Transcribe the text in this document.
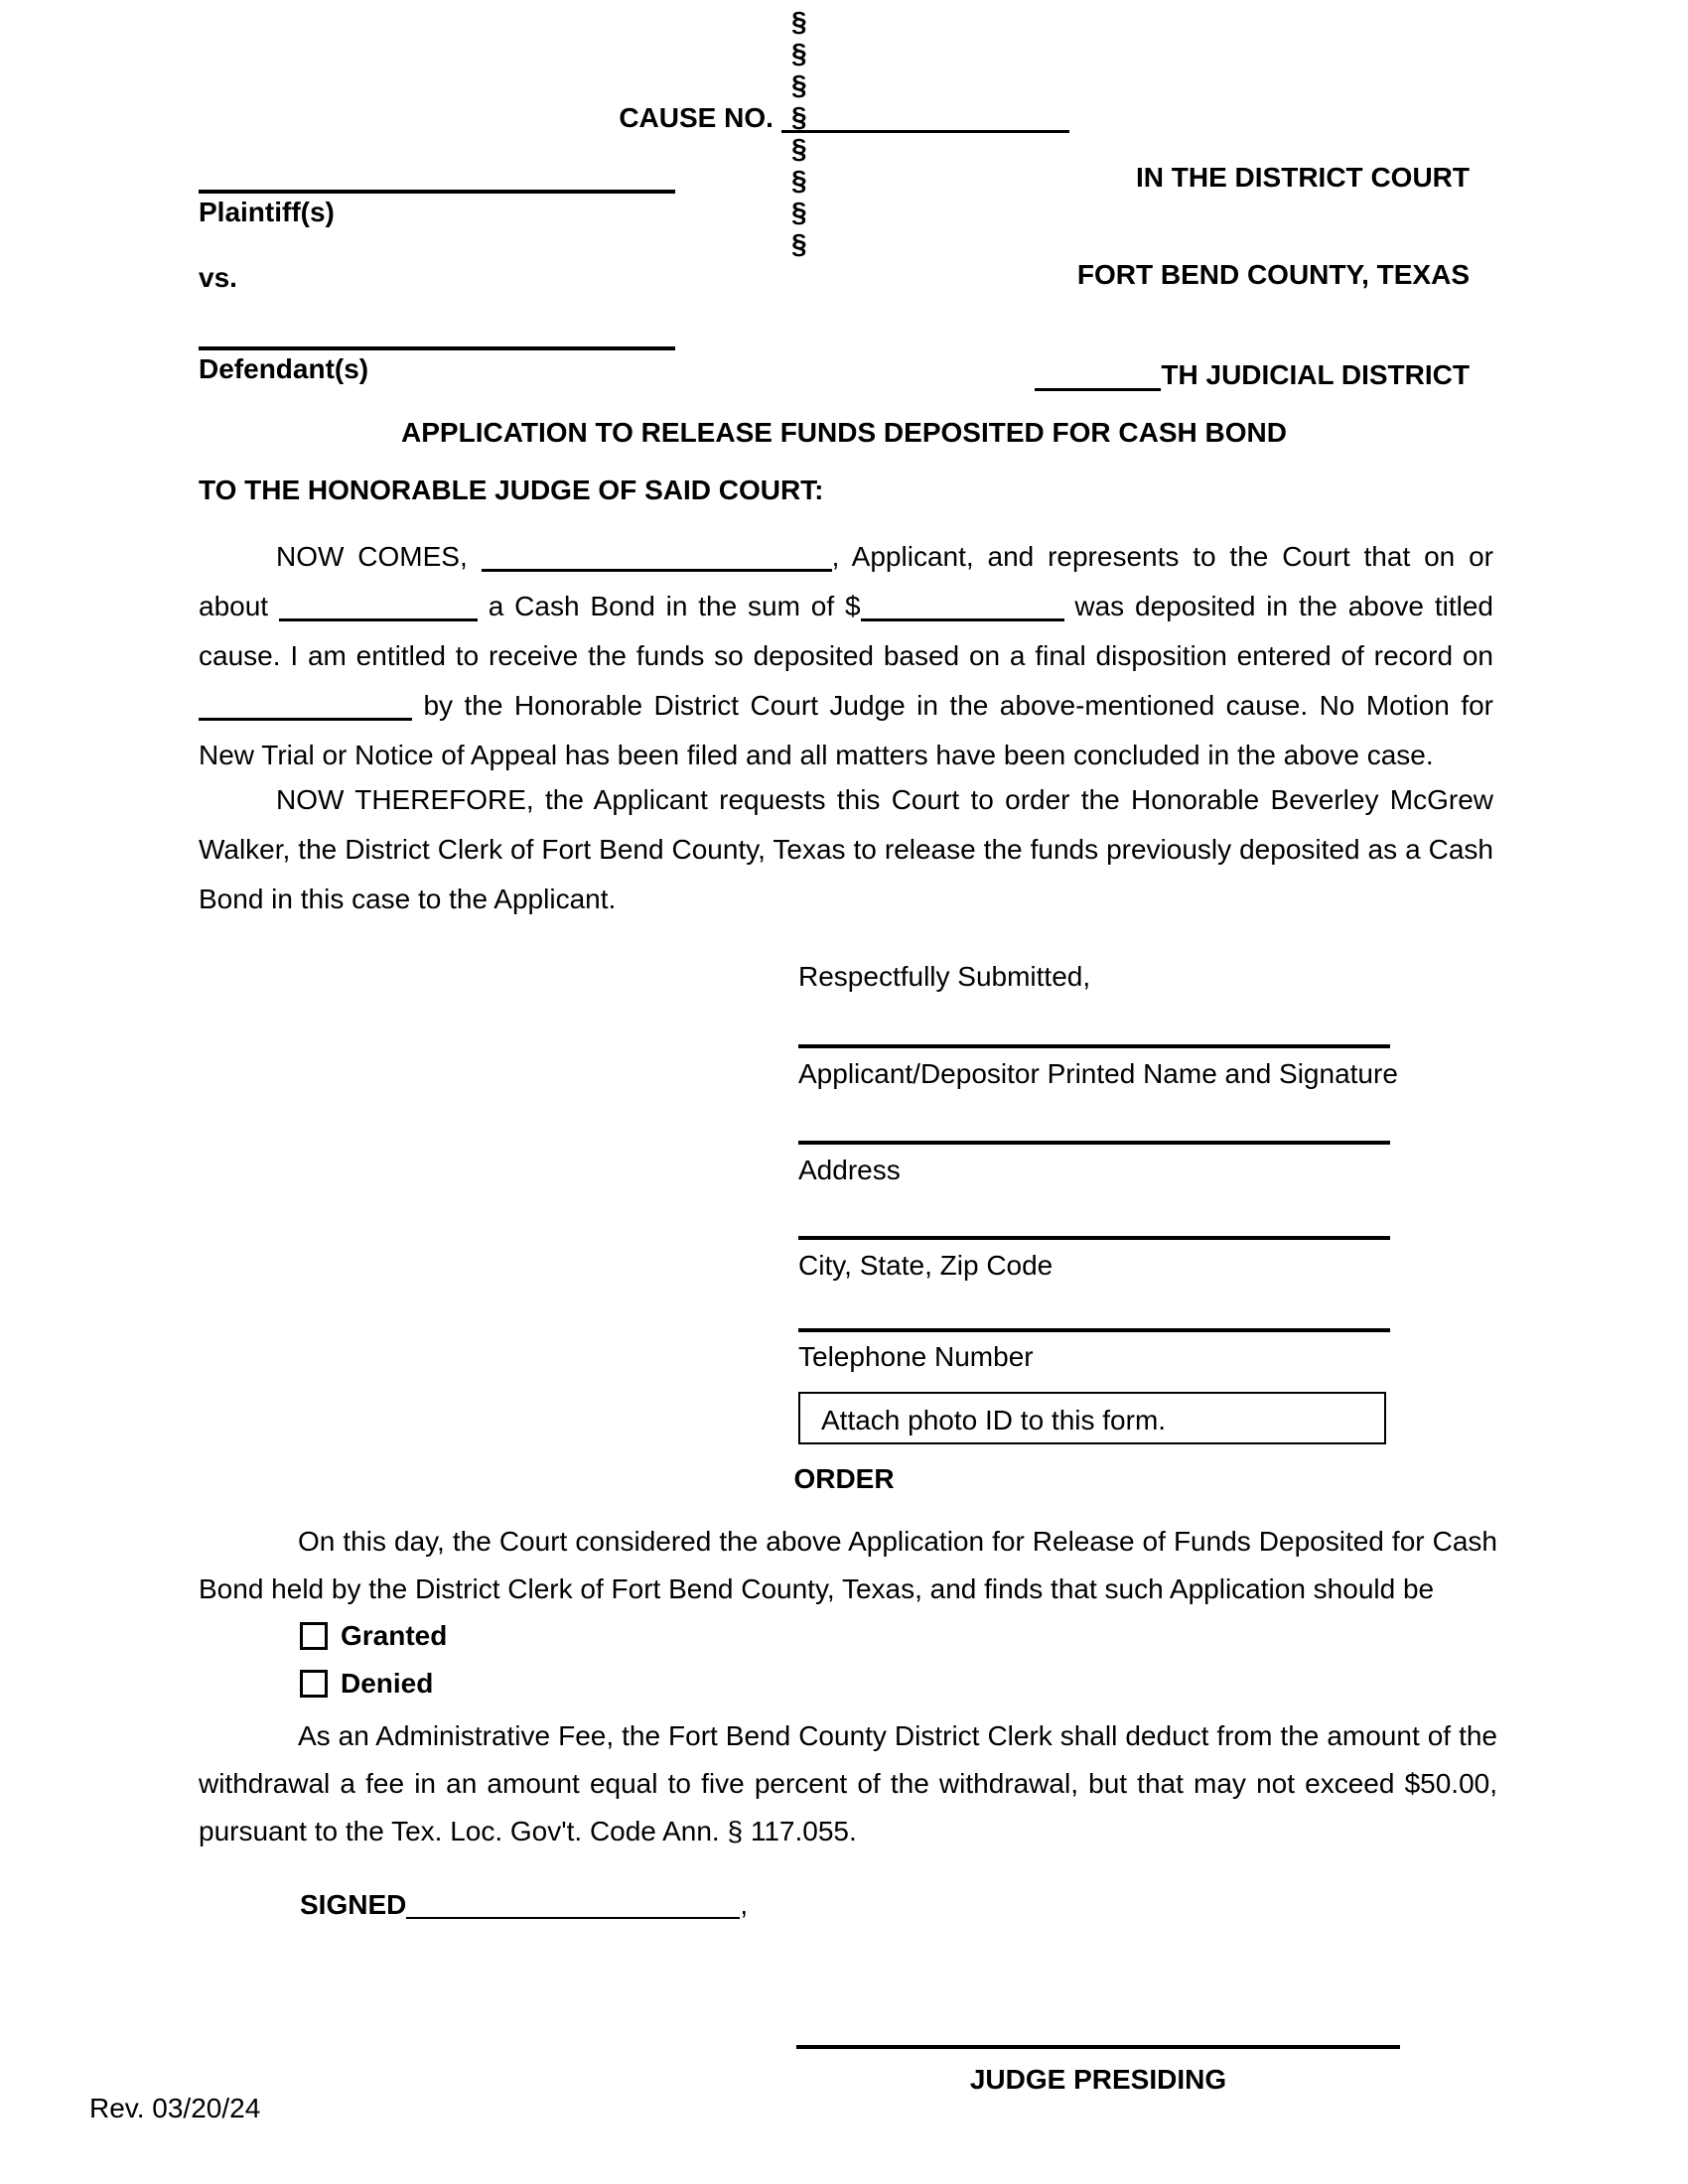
CAUSE NO.
Plaintiff(s)
vs.
Defendant(s)
§
§
§
§
§
§
§
§
IN THE DISTRICT COURT
FORT BEND COUNTY, TEXAS
TH JUDICIAL DISTRICT
APPLICATION TO RELEASE FUNDS DEPOSITED FOR CASH BOND
TO THE HONORABLE JUDGE OF SAID COURT:

NOW COMES,	, Applicant, and represents to the Court that on or about	a Cash Bond in the sum of $	was deposited in the above titled cause. I am entitled to receive the funds so deposited based on a final disposition entered of record on  by the Honorable District Court Judge in the above-mentioned cause. No Motion for New Trial or Notice of Appeal has been filed and all matters have been concluded in the above case.

NOW THEREFORE, the Applicant requests this Court to order the Honorable Beverley McGrew Walker, the District Clerk of Fort Bend County, Texas to release the funds previously deposited as a Cash Bond in this case to the Applicant.

Respectfully Submitted,
Applicant/Depositor Printed Name and Signature
Address
City, State, Zip Code
Telephone Number
Attach photo ID to this form.
ORDER

On this day, the Court considered the above Application for Release of Funds Deposited for Cash Bond held by the District Clerk of Fort Bend County, Texas, and finds that such Application should be

Granted
Denied

As an Administrative Fee, the Fort Bend County District Clerk shall deduct from the amount of the withdrawal a fee in an amount equal to five percent of the withdrawal, but that may not exceed $50.00, pursuant to the Tex. Loc. Gov't. Code Ann. § 117.055.

SIGNED	,
JUDGE PRESIDING
Rev. 03/20/24
